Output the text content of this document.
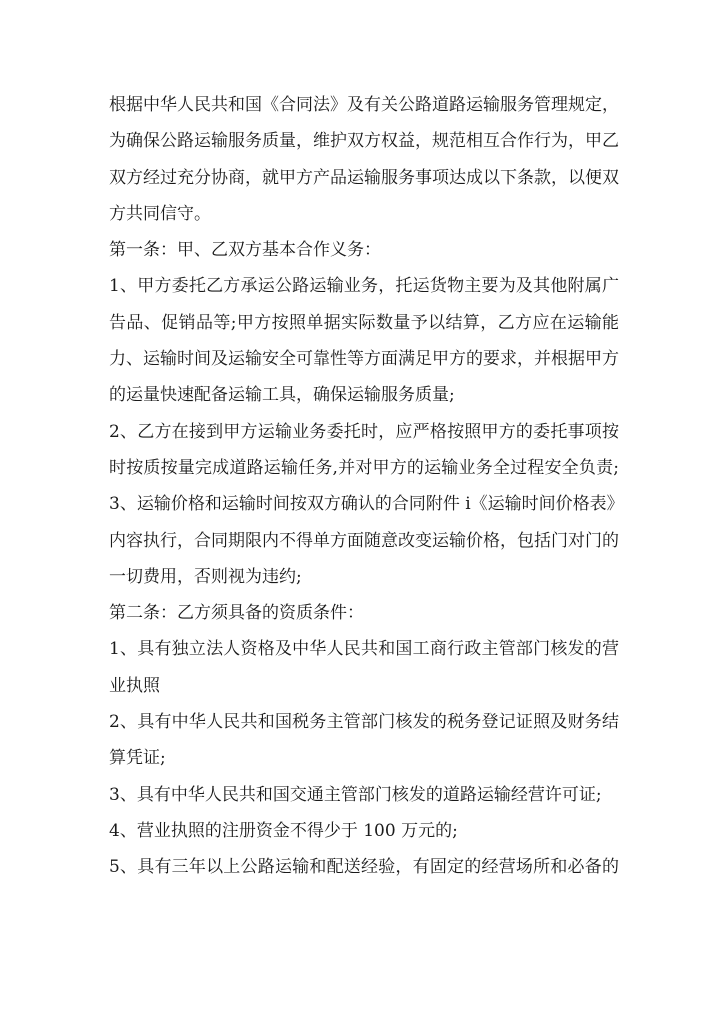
根据中华人民共和国《合同法》及有关公路道路运输服务管理规定，
为确保公路运输服务质量，维护双方权益，规范相互合作行为，甲乙
双方经过充分协商，就甲方产品运输服务事项达成以下条款，以便双
方共同信守。
第一条：甲、乙双方基本合作义务：
1、甲方委托乙方承运公路运输业务，托运货物主要为及其他附属广
告品、促销品等;甲方按照单据实际数量予以结算，乙方应在运输能
力、运输时间及运输安全可靠性等方面满足甲方的要求，并根据甲方
的运量快速配备运输工具，确保运输服务质量;
2、乙方在接到甲方运输业务委托时，应严格按照甲方的委托事项按
时按质按量完成道路运输任务,并对甲方的运输业务全过程安全负责;
3、运输价格和运输时间按双方确认的合同附件 i《运输时间价格表》
内容执行，合同期限内不得单方面随意改变运输价格，包括门对门的
一切费用，否则视为违约;
第二条：乙方须具备的资质条件：
1、具有独立法人资格及中华人民共和国工商行政主管部门核发的营
业执照
2、具有中华人民共和国税务主管部门核发的税务登记证照及财务结
算凭证;
3、具有中华人民共和国交通主管部门核发的道路运输经营许可证;
4、营业执照的注册资金不得少于 100 万元的;
5、具有三年以上公路运输和配送经验，有固定的经营场所和必备的
